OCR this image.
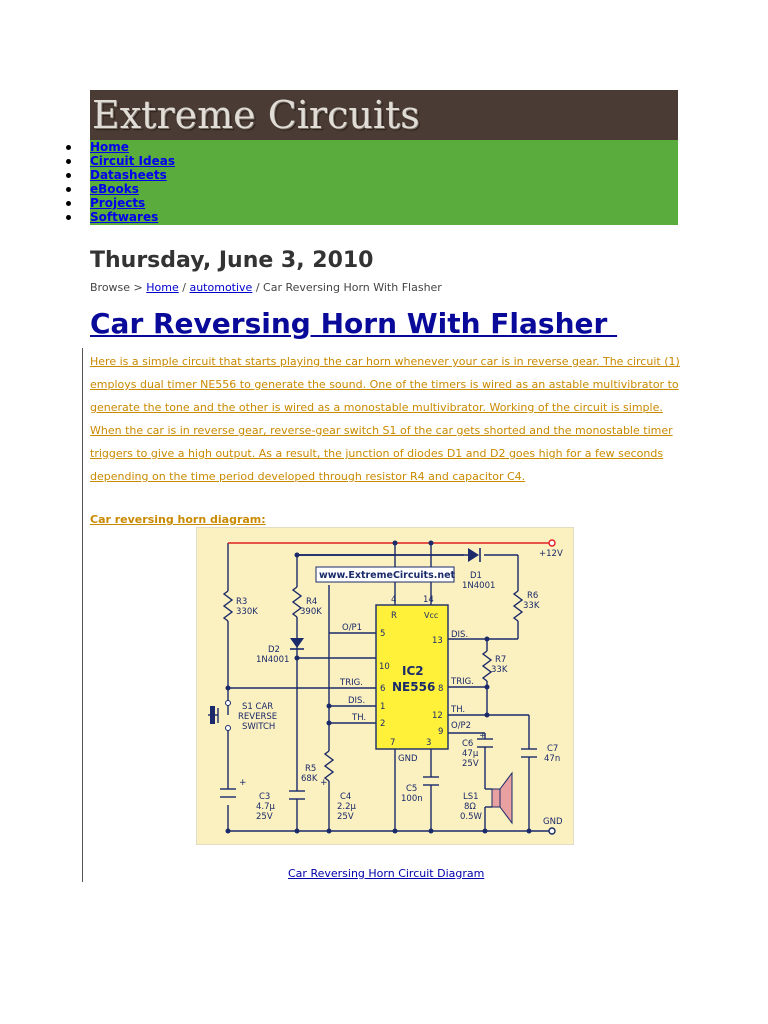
Extreme Circuits
Home
Circuit Ideas
Datasheets
eBooks
Projects
Softwares
Thursday, June 3, 2010
Browse > Home / automotive / Car Reversing Horn With Flasher
Car Reversing Horn With Flasher
Here is a simple circuit that starts playing the car horn whenever your car is in reverse gear. The circuit (1)
employs dual timer NE556 to generate the sound. One of the timers is wired as an astable multivibrator to
generate the tone and the other is wired as a monostable multivibrator. Working of the circuit is simple.
When the car is in reverse gear, reverse-gear switch S1 of the car gets shorted and the monostable timer
triggers to give a high output. As a result, the junction of diodes D1 and D2 goes high for a few seconds
depending on the time period developed through resistor R4 and capacitor C4.
Car reversing horn diagram:
www.ExtremeCircuits.net
IC2
NE556
R	Vcc
4	14
5
13
10
6	8
1
12
2
9
7	3
GND
O/P1
TRIG.
DIS.
TH.
DIS.
TRIG.
TH.
O/P2
+12V
GND
R3
330K
R4
390K
D2
1N4001
D1
1N4001
R6
33K
R7
33K
S1 CAR
REVERSE
SWITCH
R5
68K
+
C3
4.7μ
25V
+
C4
2.2μ
25V
C5
100n
+
C6
47μ
25V
C7
47n
LS1
8Ω
0.5W
Car Reversing Horn Circuit Diagram
